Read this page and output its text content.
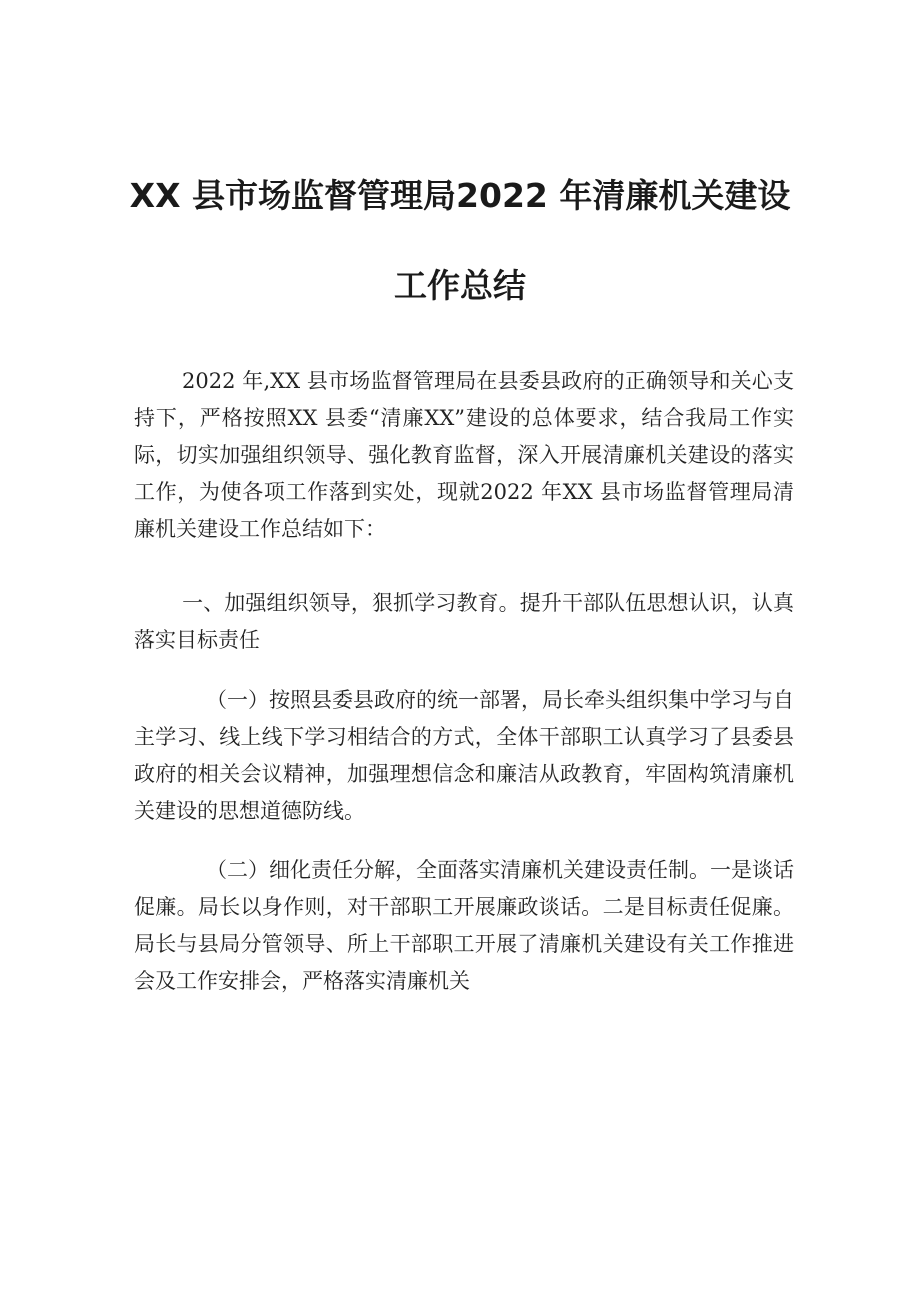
XX 县市场监督管理局2022 年清廉机关建设
工作总结
2022 年,XX 县市场监督管理局在县委县政府的正确领导和关心支持下，严格按照XX 县委“清廉XX”建设的总体要求，结合我局工作实际，切实加强组织领导、强化教育监督，深入开展清廉机关建设的落实工作，为使各项工作落到实处，现就2022 年XX 县市场监督管理局清廉机关建设工作总结如下：
一、加强组织领导，狠抓学习教育。提升干部队伍思想认识，认真落实目标责任
（一）按照县委县政府的统一部署，局长牵头组织集中学习与自主学习、线上线下学习相结合的方式，全体干部职工认真学习了县委县政府的相关会议精神，加强理想信念和廉洁从政教育，牢固构筑清廉机关建设的思想道德防线。
（二）细化责任分解，全面落实清廉机关建设责任制。一是谈话促廉。局长以身作则，对干部职工开展廉政谈话。二是目标责任促廉。局长与县局分管领导、所上干部职工开展了清廉机关建设有关工作推进会及工作安排会，严格落实清廉机关
